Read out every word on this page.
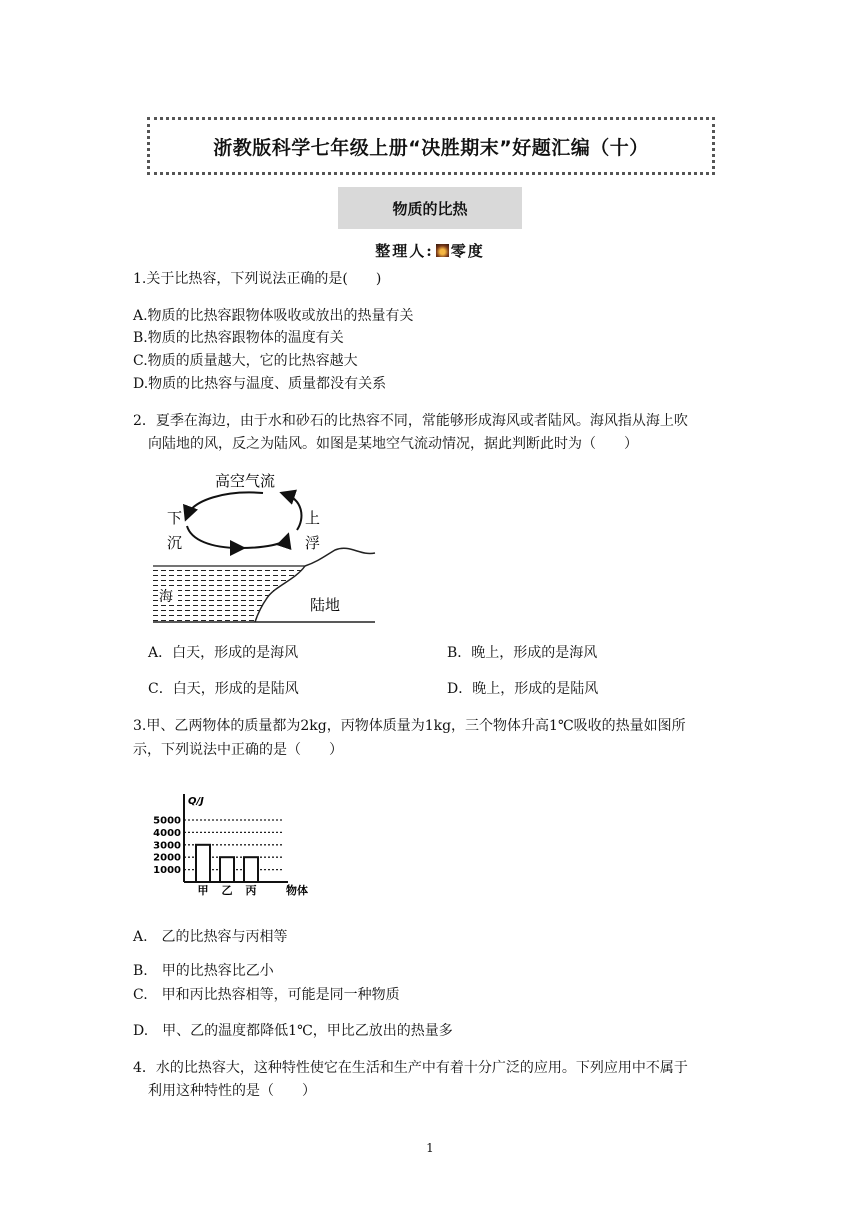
浙教版科学七年级上册“决胜期末”好题汇编（十）
物质的比热
整理人: 零度
1.关于比热容，下列说法正确的是(　　)
A.物质的比热容跟物体吸收或放出的热量有关
B.物质的比热容跟物体的温度有关
C.物质的质量越大，它的比热容越大
D.物质的比热容与温度、质量都没有关系
2．夏季在海边，由于水和砂石的比热容不同，常能够形成海风或者陆风。海风指从海上吹
向陆地的风，反之为陆风。如图是某地空气流动情况，据此判断此时为（　　）
高空气流
下
沉
上
浮
海	陆地
A．白天，形成的是海风	B．晚上，形成的是海风
C．白天，形成的是陆风	D．晚上，形成的是陆风
3.甲、乙两物体的质量都为2kg，丙物体质量为1kg，三个物体升高1℃吸收的热量如图所
示，下列说法中正确的是（　　）
Q/J
物体
1000
2000
3000
4000
5000
甲 乙 丙
A.　乙的比热容与丙相等
B.　甲的比热容比乙小
C.　甲和丙比热容相等，可能是同一种物质
D.　甲、乙的温度都降低1℃，甲比乙放出的热量多
4．水的比热容大，这种特性使它在生活和生产中有着十分广泛的应用。下列应用中不属于
利用这种特性的是（　　）
1
